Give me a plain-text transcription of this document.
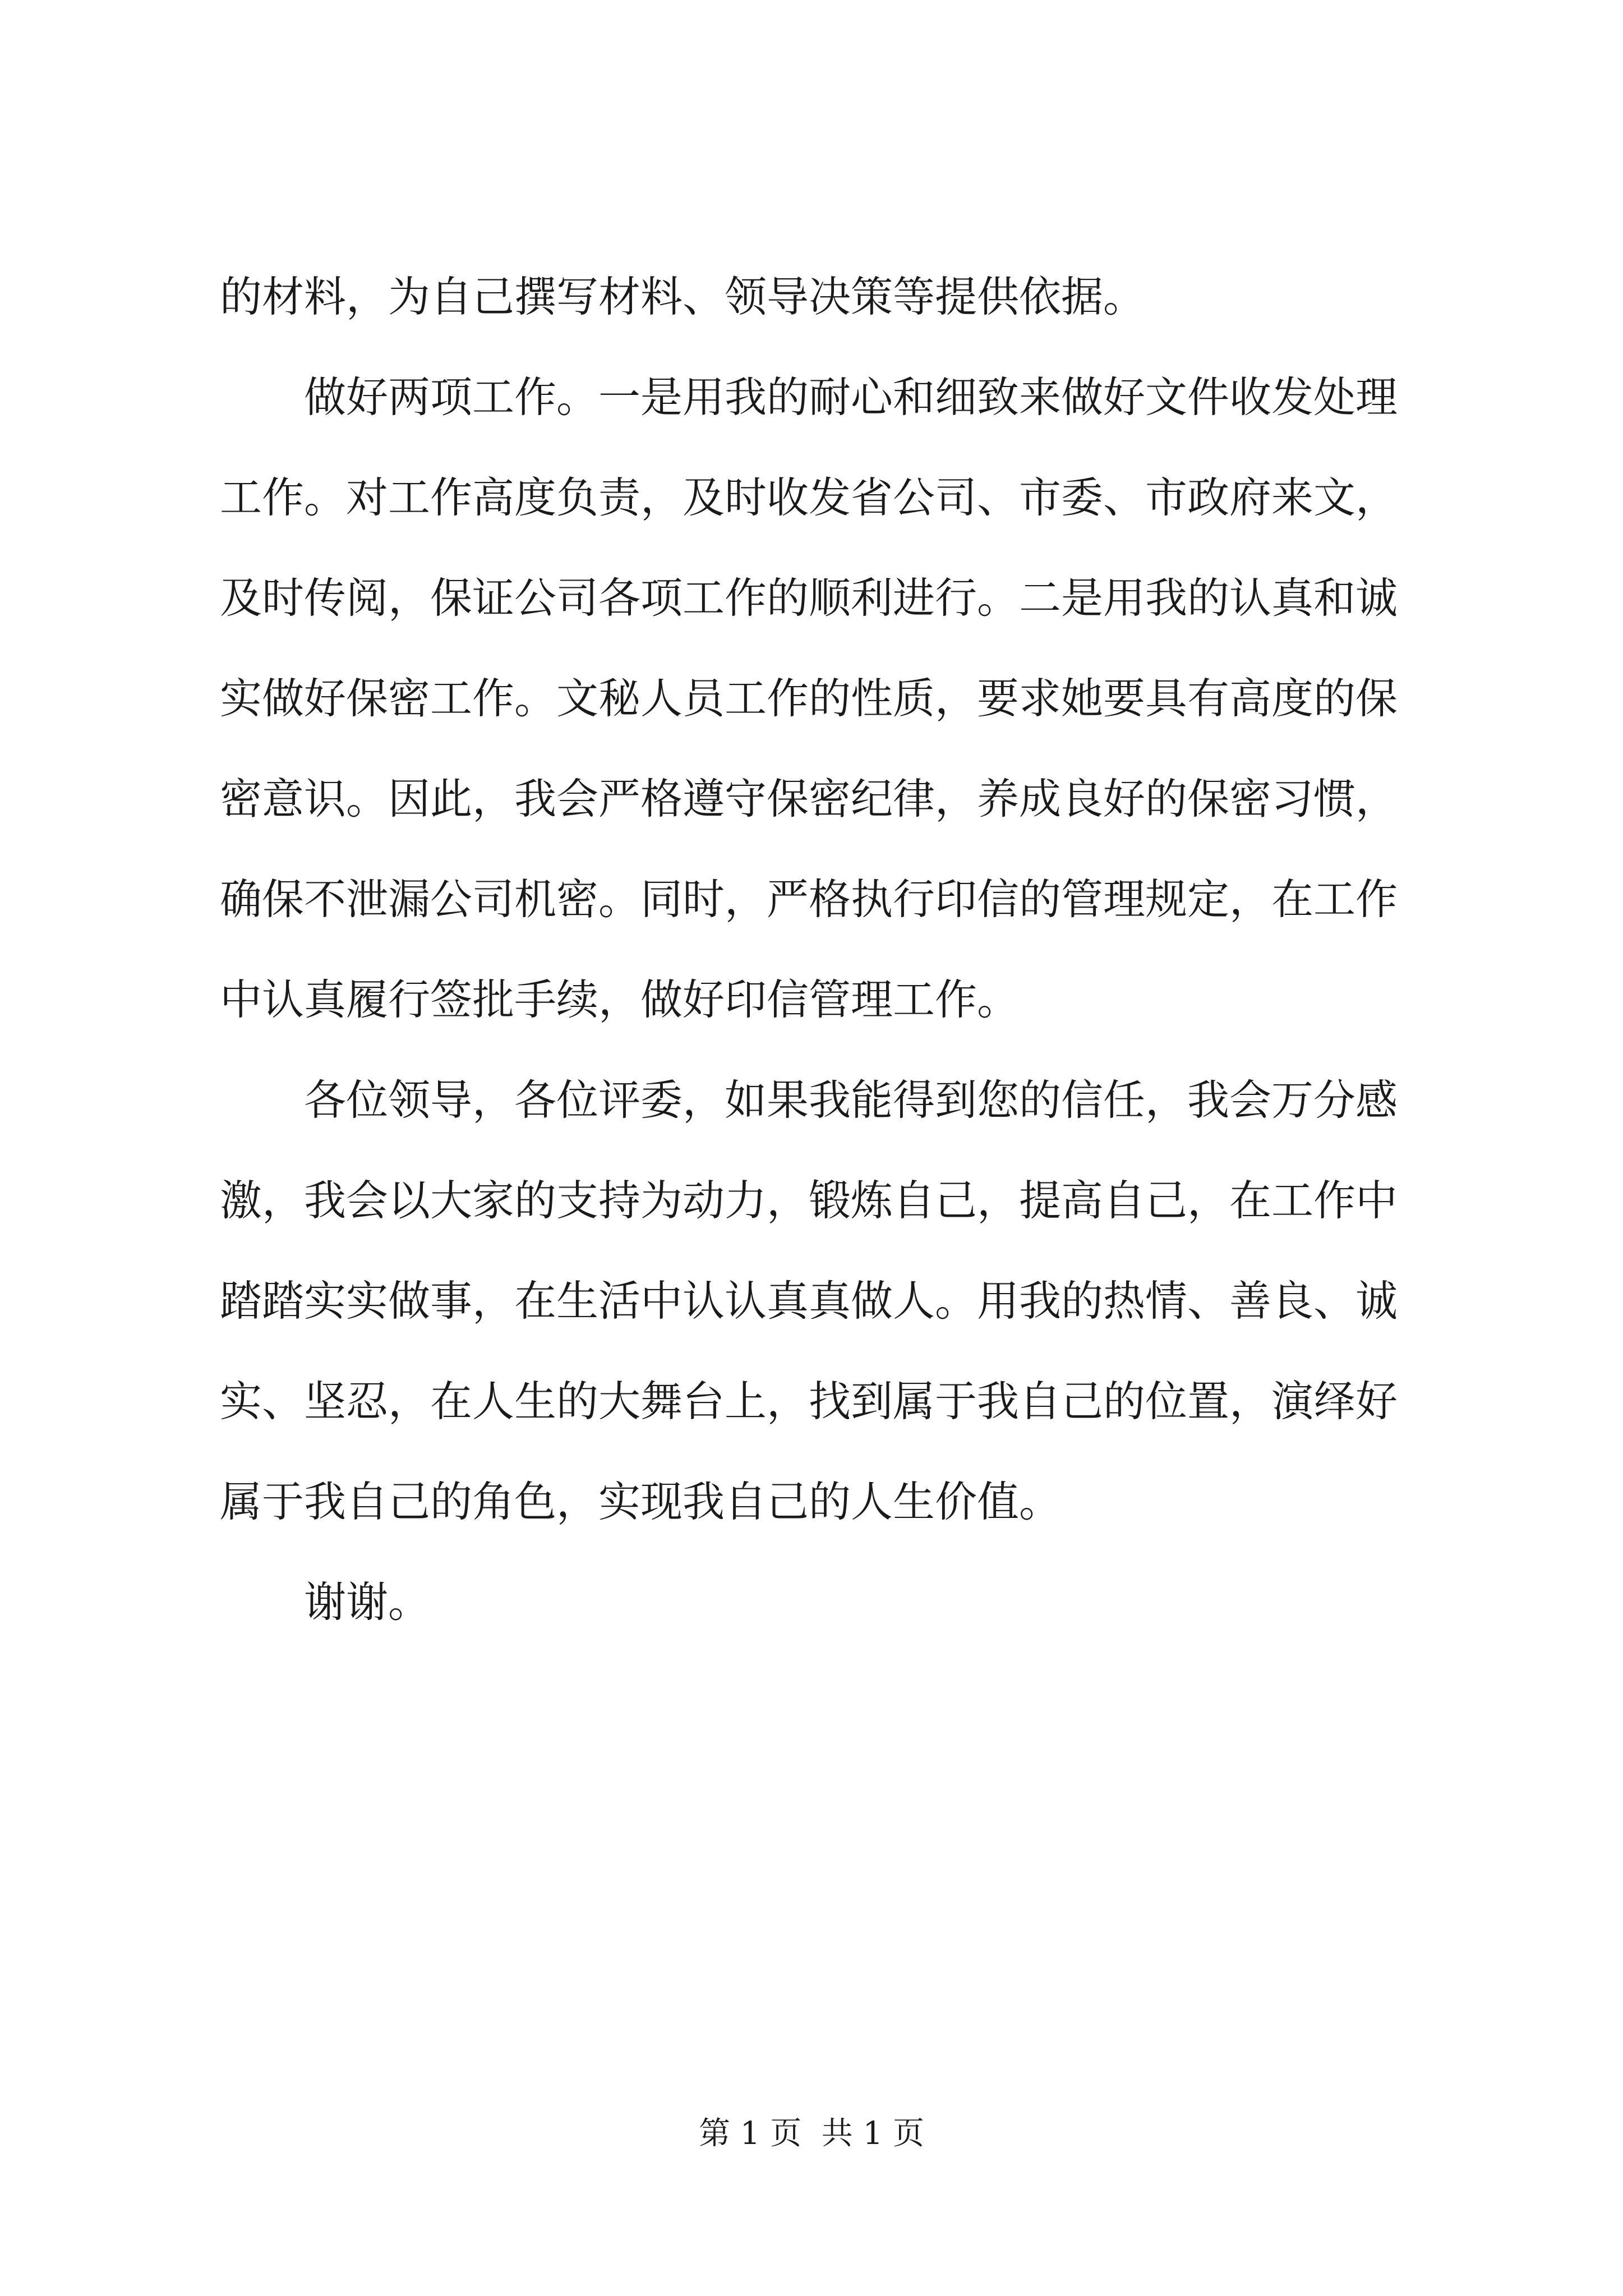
的材料，为自己撰写材料、领导决策等提供依据。
做好两项工作。一是用我的耐心和细致来做好文件收发处理
工作。对工作高度负责，及时收发省公司、市委、市政府来文，
及时传阅，保证公司各项工作的顺利进行。二是用我的认真和诚
实做好保密工作。文秘人员工作的性质，要求她要具有高度的保
密意识。因此，我会严格遵守保密纪律，养成良好的保密习惯，
确保不泄漏公司机密。同时，严格执行印信的管理规定，在工作
中认真履行签批手续，做好印信管理工作。
各位领导，各位评委，如果我能得到您的信任，我会万分感
激，我会以大家的支持为动力，锻炼自己，提高自己，在工作中
踏踏实实做事，在生活中认认真真做人。用我的热情、善良、诚
实、坚忍，在人生的大舞台上，找到属于我自己的位置，演绎好
属于我自己的角色，实现我自己的人生价值。
谢谢。
第 1 页  共 1 页
